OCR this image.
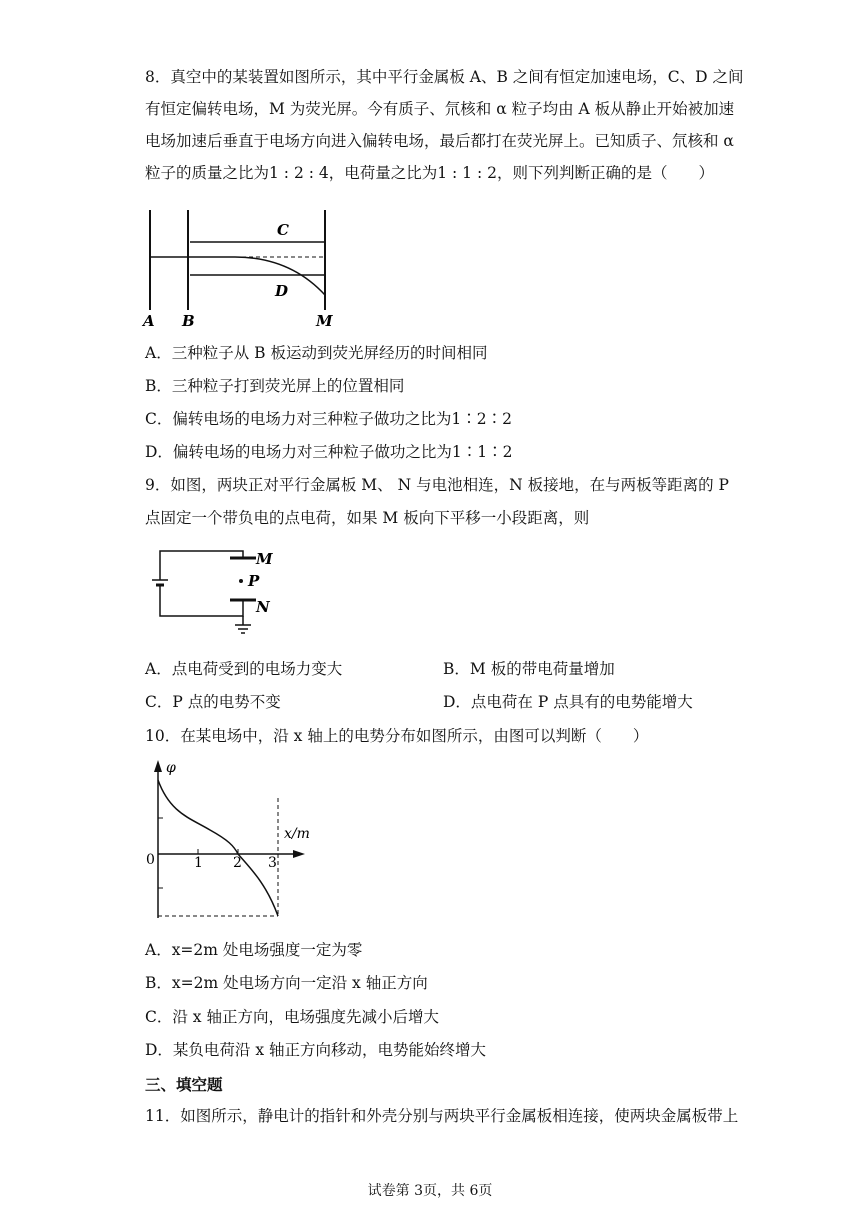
8．真空中的某装置如图所示，其中平行金属板 A、B 之间有恒定加速电场，C、D 之间
有恒定偏转电场，M 为荧光屏。今有质子、氘核和 α 粒子均由 A 板从静止开始被加速
电场加速后垂直于电场方向进入偏转电场，最后都打在荧光屏上。已知质子、氘核和 α
粒子的质量之比为1 : 2 : 4，电荷量之比为1 : 1 : 2，则下列判断正确的是（　　）
C
D
A B	M
A．三种粒子从 B 板运动到荧光屏经历的时间相同
B．三种粒子打到荧光屏上的位置相同
C．偏转电场的电场力对三种粒子做功之比为1∶2∶2
D．偏转电场的电场力对三种粒子做功之比为1∶1∶2
9．如图，两块正对平行金属板 M、 N 与电池相连，N 板接地，在与两板等距离的 P
点固定一个带负电的点电荷，如果 M 板向下平移一小段距离，则
M
P
N
A．点电荷受到的电场力变大	B．M 板的带电荷量增加
C．P 点的电势不变	D．点电荷在 P 点具有的电势能增大
10．在某电场中，沿 x 轴上的电势分布如图所示，由图可以判断（　　）
φ
x/m
0	1 2 3
A．x=2m 处电场强度一定为零
B．x=2m 处电场方向一定沿 x 轴正方向
C．沿 x 轴正方向，电场强度先减小后增大
D．某负电荷沿 x 轴正方向移动，电势能始终增大
三、填空题
11．如图所示，静电计的指针和外壳分别与两块平行金属板相连接，使两块金属板带上
试卷第 3页，共 6页
